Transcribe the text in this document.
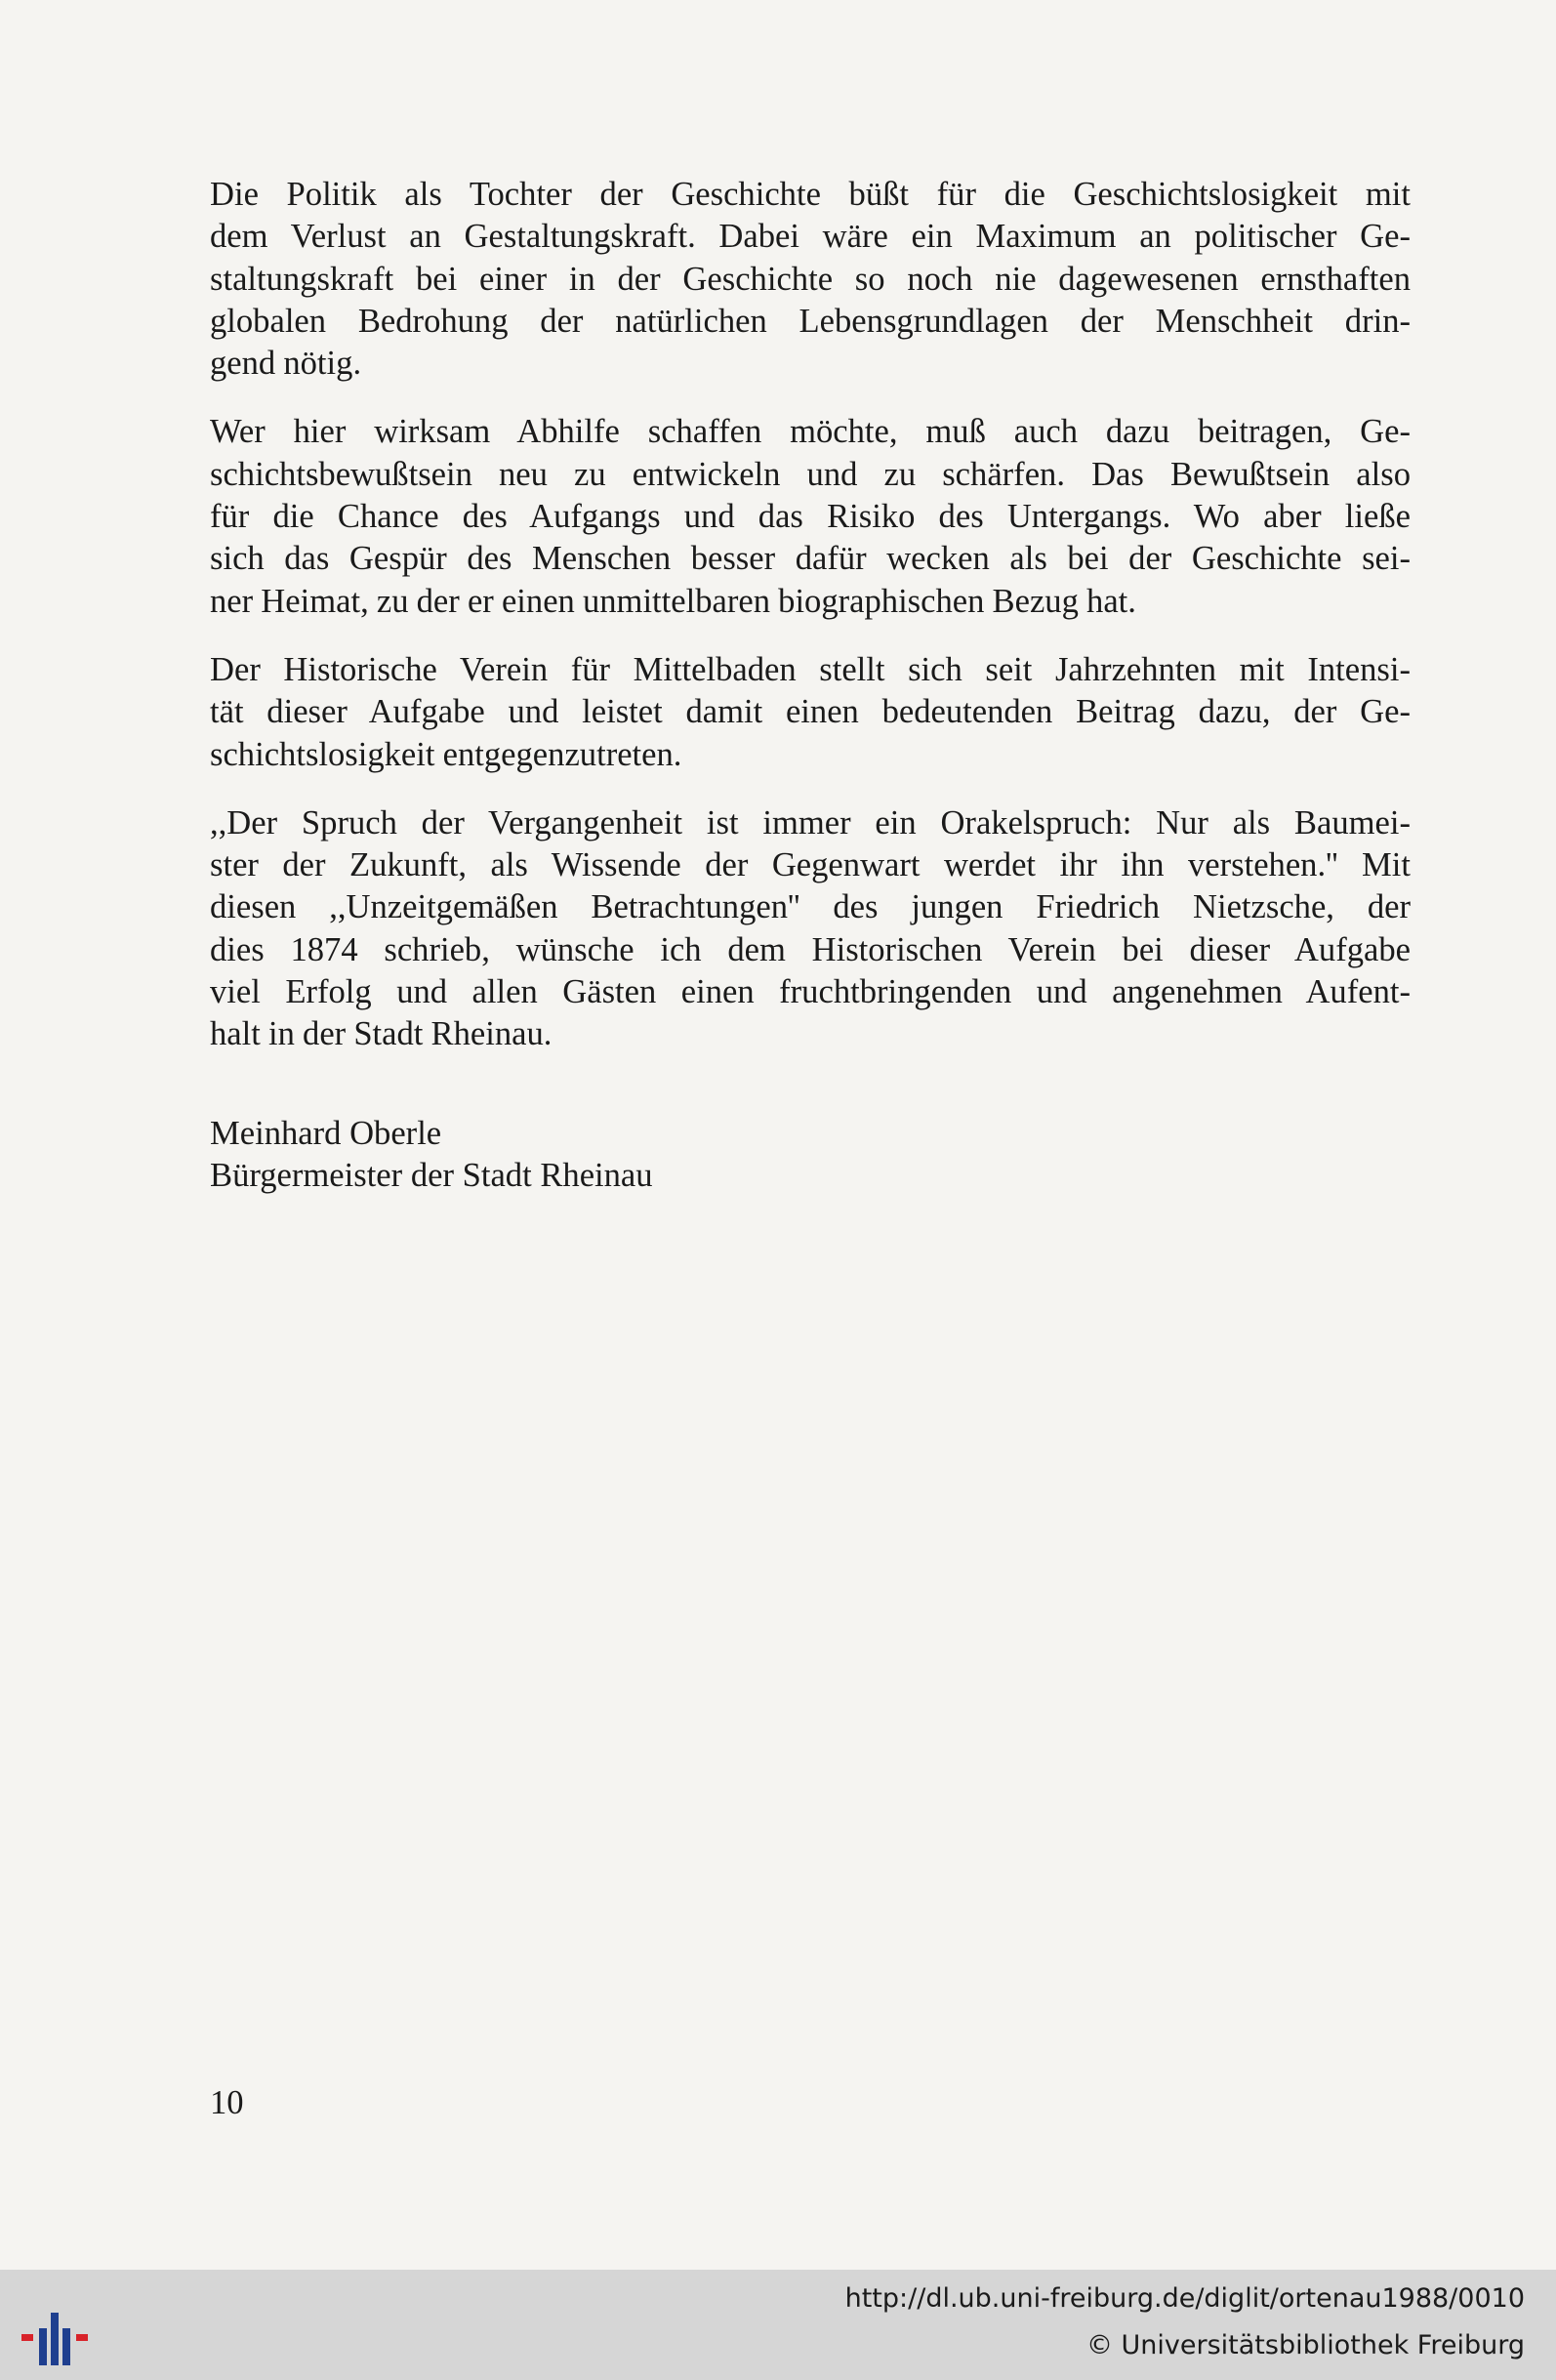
Die Politik als Tochter der Geschichte büßt für die Geschichtslosigkeit mit
dem Verlust an Gestaltungskraft. Dabei wäre ein Maximum an politischer Ge-
staltungskraft bei einer in der Geschichte so noch nie dagewesenen ernsthaften
globalen Bedrohung der natürlichen Lebensgrundlagen der Menschheit drin-
gend nötig.

Wer hier wirksam Abhilfe schaffen möchte, muß auch dazu beitragen, Ge-
schichtsbewußtsein neu zu entwickeln und zu schärfen. Das Bewußtsein also
für die Chance des Aufgangs und das Risiko des Untergangs. Wo aber ließe
sich das Gespür des Menschen besser dafür wecken als bei der Geschichte sei-
ner Heimat, zu der er einen unmittelbaren biographischen Bezug hat.

Der Historische Verein für Mittelbaden stellt sich seit Jahrzehnten mit Intensi-
tät dieser Aufgabe und leistet damit einen bedeutenden Beitrag dazu, der Ge-
schichtslosigkeit entgegenzutreten.

,,Der Spruch der Vergangenheit ist immer ein Orakelspruch: Nur als Baumei-
ster der Zukunft, als Wissende der Gegenwart werdet ihr ihn verstehen.'' Mit
diesen ,,Unzeitgemäßen Betrachtungen'' des jungen Friedrich Nietzsche, der
dies 1874 schrieb, wünsche ich dem Historischen Verein bei dieser Aufgabe
viel Erfolg und allen Gästen einen fruchtbringenden und angenehmen Aufent-
halt in der Stadt Rheinau.

Meinhard Oberle
Bürgermeister der Stadt Rheinau
10
http://dl.ub.uni-freiburg.de/diglit/ortenau1988/0010
© Universitätsbibliothek Freiburg
